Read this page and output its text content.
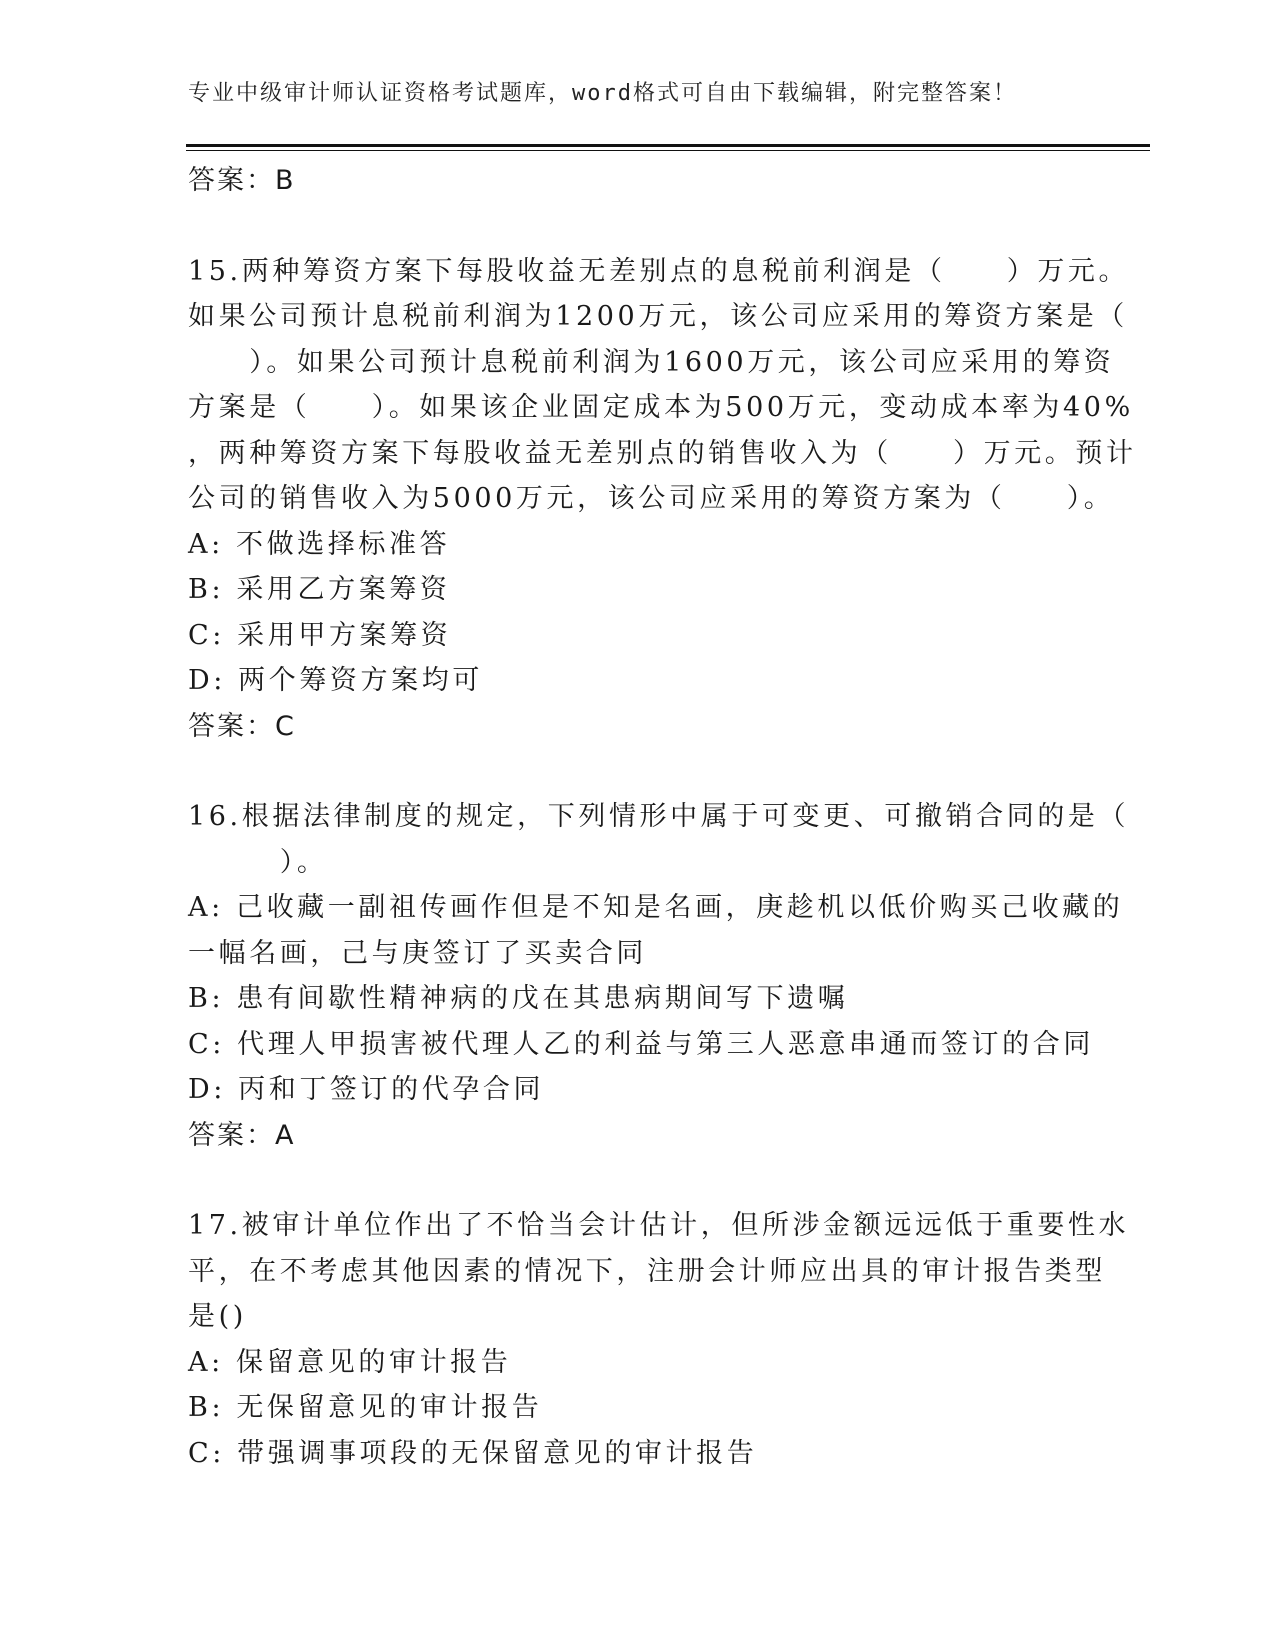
专业中级审计师认证资格考试题库，word格式可自由下载编辑，附完整答案！
答案：B
15.两种筹资方案下每股收益无差别点的息税前利润是（　　）万元。
如果公司预计息税前利润为1200万元，该公司应采用的筹资方案是（
　　）。如果公司预计息税前利润为1600万元，该公司应采用的筹资
方案是（　　）。如果该企业固定成本为500万元，变动成本率为40%
，两种筹资方案下每股收益无差别点的销售收入为（　　）万元。预计
公司的销售收入为5000万元，该公司应采用的筹资方案为（　　）。
A: 不做选择标准答
B: 采用乙方案筹资
C: 采用甲方案筹资
D: 两个筹资方案均可
答案：C
16.根据法律制度的规定，下列情形中属于可变更、可撤销合同的是（
　　　）。
A: 己收藏一副祖传画作但是不知是名画，庚趁机以低价购买己收藏的
一幅名画，己与庚签订了买卖合同
B: 患有间歇性精神病的戊在其患病期间写下遗嘱
C: 代理人甲损害被代理人乙的利益与第三人恶意串通而签订的合同
D: 丙和丁签订的代孕合同
答案：A
17.被审计单位作出了不恰当会计估计，但所涉金额远远低于重要性水
平，在不考虑其他因素的情况下，注册会计师应出具的审计报告类型
是()
A: 保留意见的审计报告
B: 无保留意见的审计报告
C: 带强调事项段的无保留意见的审计报告
